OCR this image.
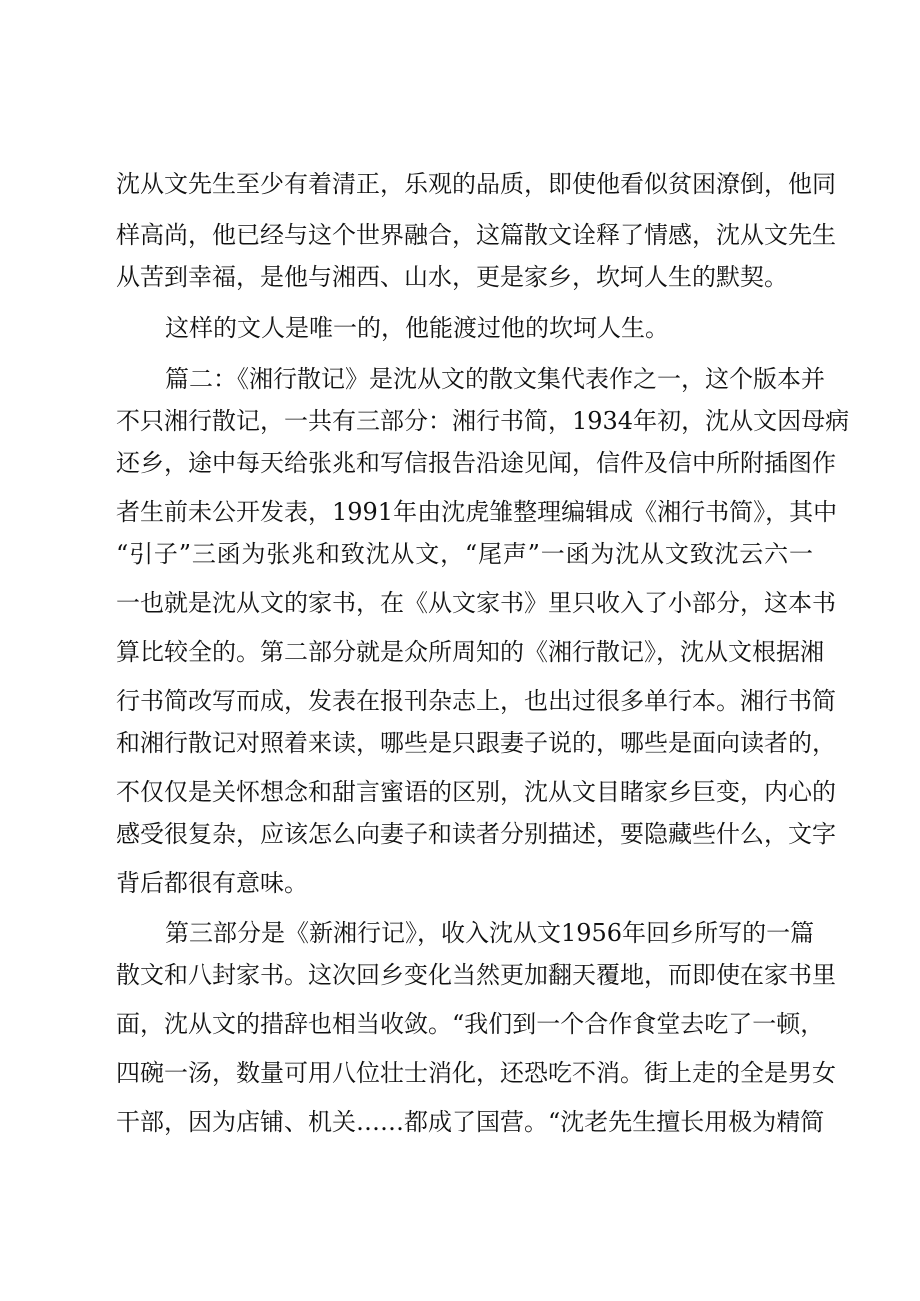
沈从文先生至少有着清正，乐观的品质，即使他看似贫困潦倒，他同
样高尚，他已经与这个世界融合，这篇散文诠释了情感，沈从文先生
从苦到幸福，是他与湘西、山水，更是家乡，坎坷人生的默契。
这样的文人是唯一的，他能渡过他的坎坷人生。
篇二：《湘行散记》是沈从文的散文集代表作之一，这个版本并
不只湘行散记，一共有三部分：湘行书简，1934年初，沈从文因母病
还乡，途中每天给张兆和写信报告沿途见闻，信件及信中所附插图作
者生前未公开发表，1991年由沈虎雏整理编辑成《湘行书简》，其中
“引子”三函为张兆和致沈从文，“尾声”一函为沈从文致沈云六一
一也就是沈从文的家书，在《从文家书》里只收入了小部分，这本书
算比较全的。第二部分就是众所周知的《湘行散记》，沈从文根据湘
行书简改写而成，发表在报刊杂志上，也出过很多单行本。湘行书简
和湘行散记对照着来读，哪些是只跟妻子说的，哪些是面向读者的，
不仅仅是关怀想念和甜言蜜语的区别，沈从文目睹家乡巨变，内心的
感受很复杂，应该怎么向妻子和读者分别描述，要隐藏些什么，文字
背后都很有意味。
第三部分是《新湘行记》，收入沈从文1956年回乡所写的一篇
散文和八封家书。这次回乡变化当然更加翻天覆地，而即使在家书里
面，沈从文的措辞也相当收敛。“我们到一个合作食堂去吃了一顿，
四碗一汤，数量可用八位壮士消化，还恐吃不消。街上走的全是男女
干部，因为店铺、机关……都成了国营。“沈老先生擅长用极为精简
